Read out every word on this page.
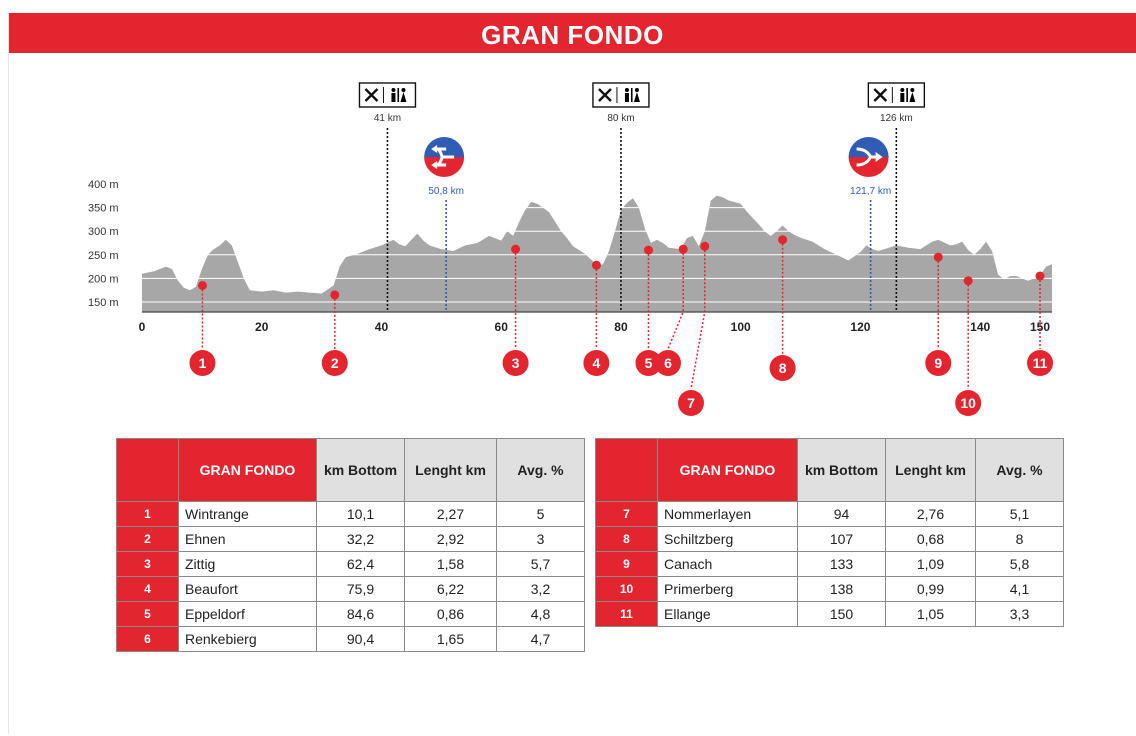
GRAN FONDO
150 m
200 m
250 m
300 m
350 m
400 m
0	20	40	60	80	100	120	140	150
41 km	80 km	126 km
50,8 km	121,7 km
1	2	3	4	5 6
7
8	9
10
11
	GRAN FONDO	km Bottom	Lenght km	Avg. %
1	Wintrange	10,1	2,27	5
2	Ehnen	32,2	2,92	3
3	Zittig	62,4	1,58	5,7
4	Beaufort	75,9	6,22	3,2
5	Eppeldorf	84,6	0,86	4,8
6	Renkebierg	90,4	1,65	4,7
	GRAN FONDO	km Bottom	Lenght km	Avg. %
7	Nommerlayen	94	2,76	5,1
8	Schiltzberg	107	0,68	8
9	Canach	133	1,09	5,8
10	Primerberg	138	0,99	4,1
11	Ellange	150	1,05	3,3
